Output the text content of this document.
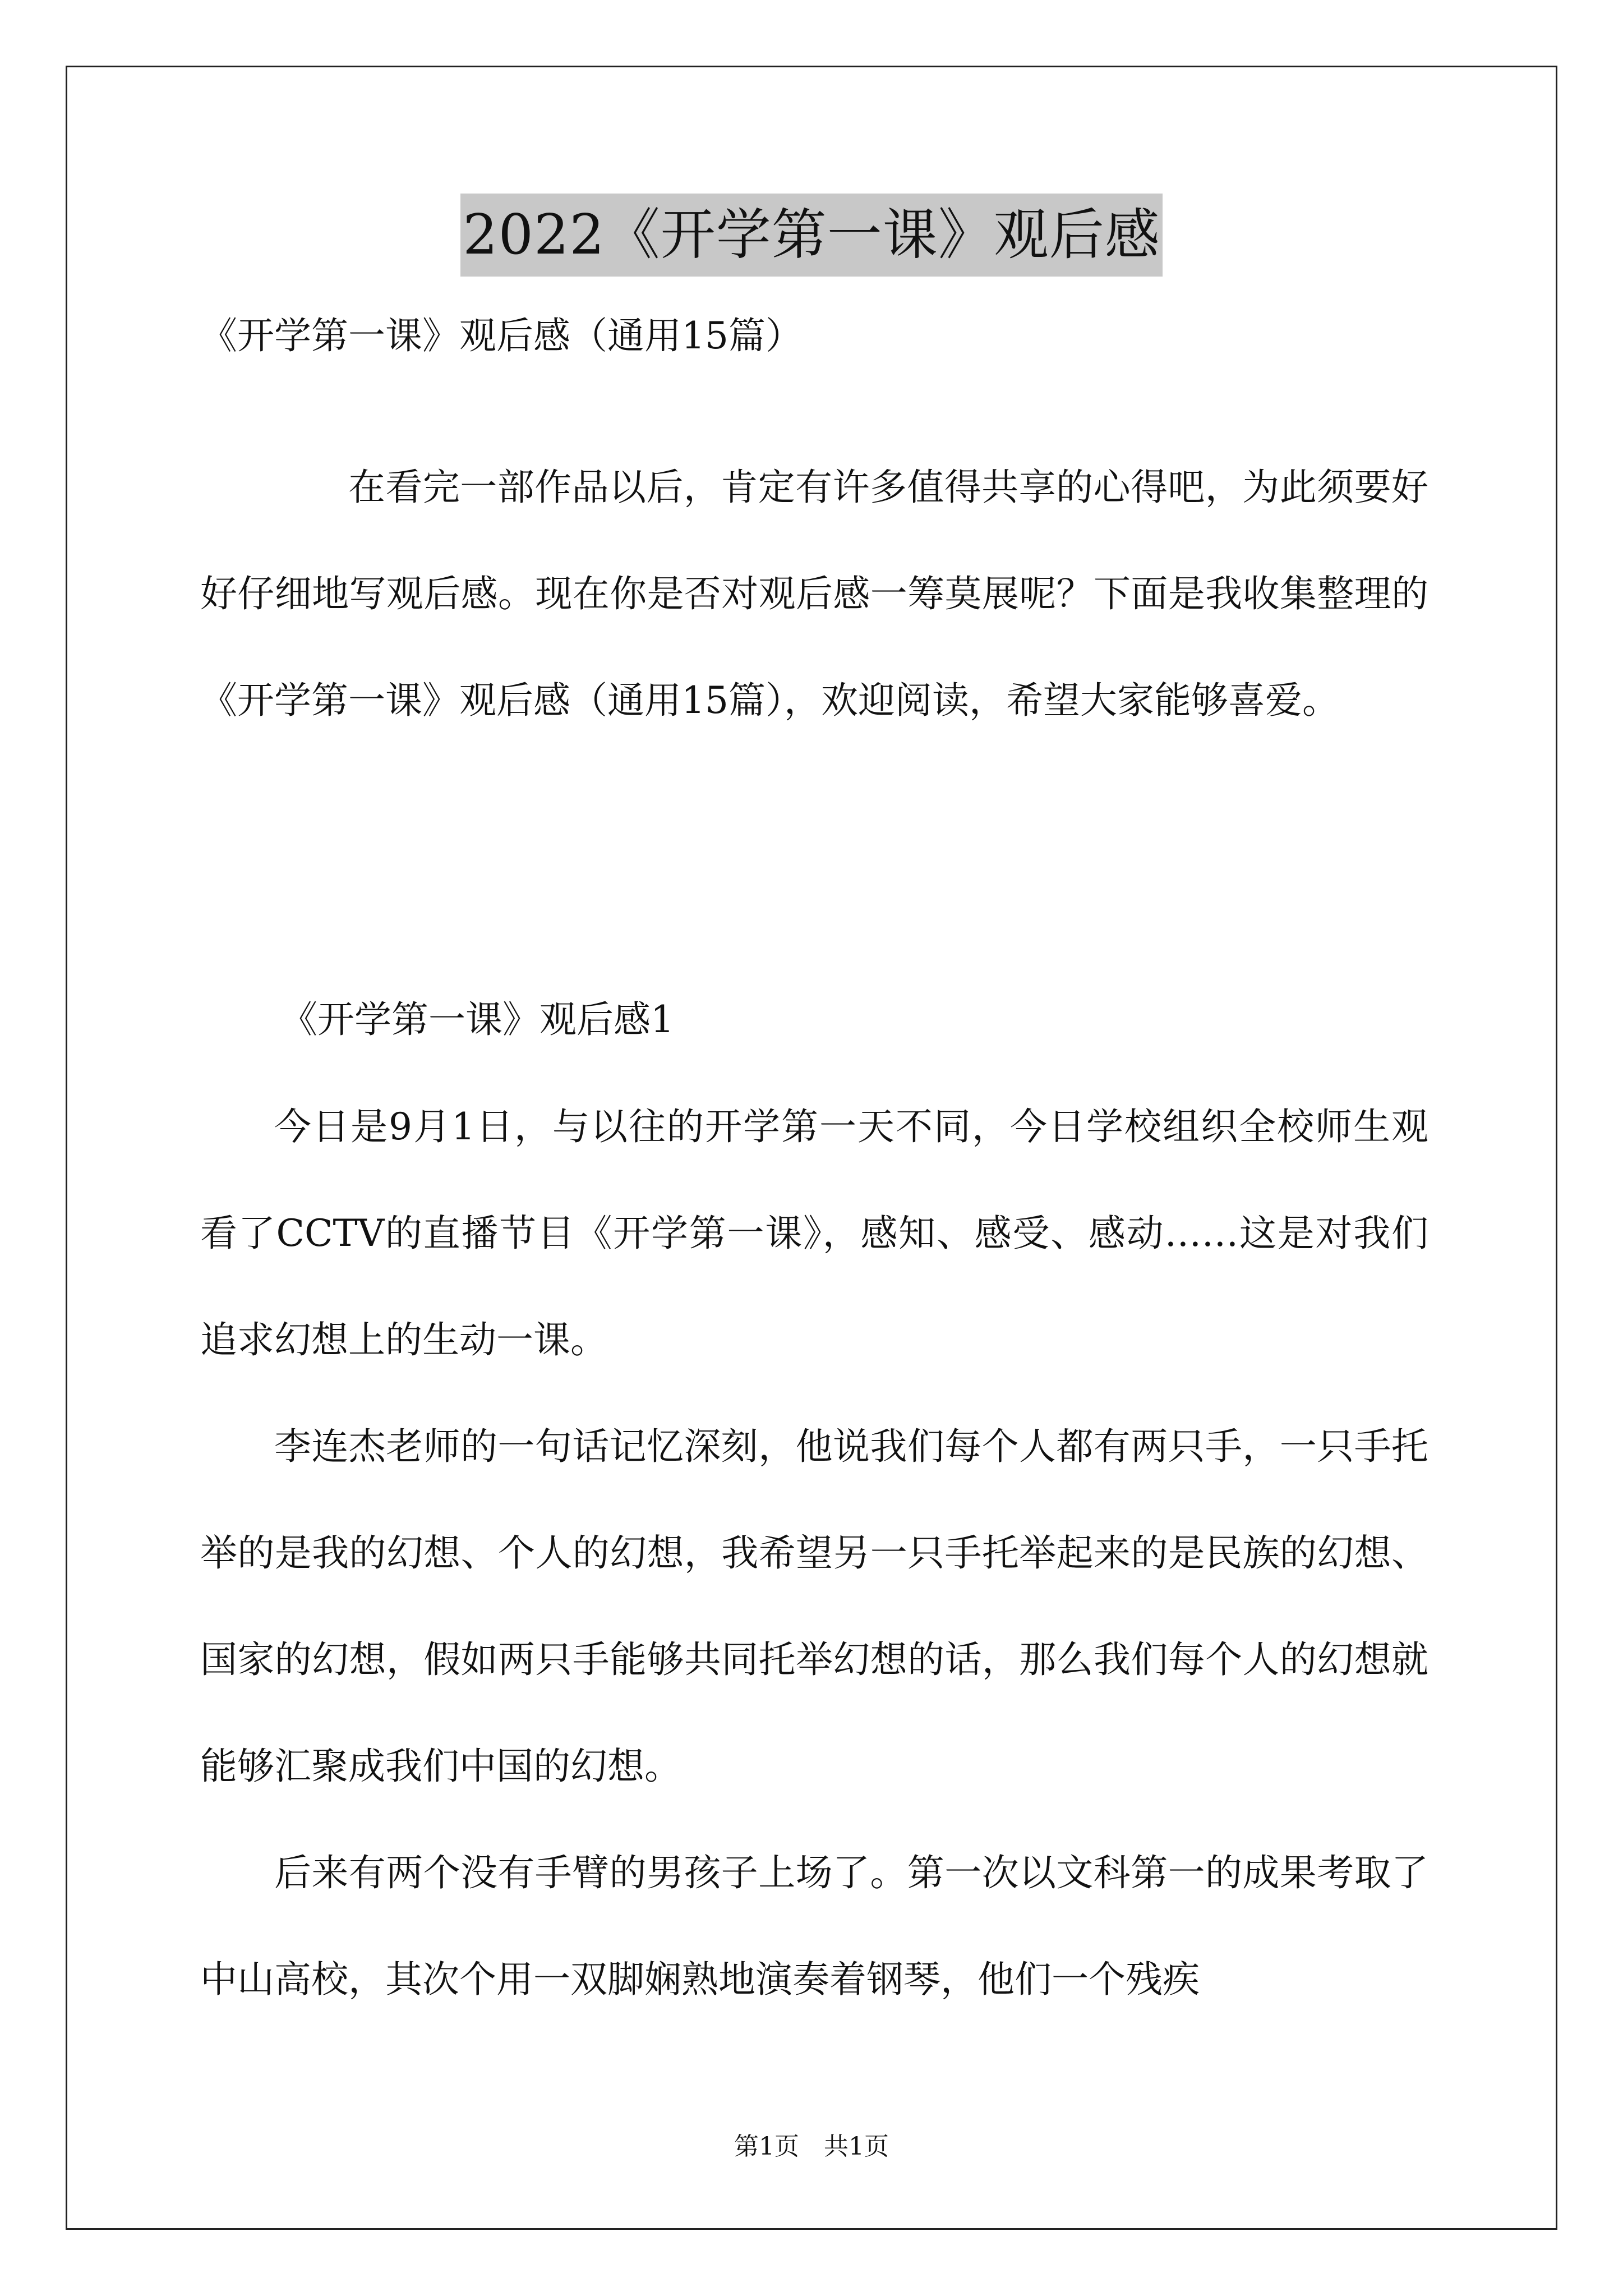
2022《开学第一课》观后感
《开学第一课》观后感（通用15篇）

在看完一部作品以后，肯定有许多值得共享的心得吧，为此须要好好仔细地写观后感。现在你是否对观后感一筹莫展呢？下面是我收集整理的《开学第一课》观后感（通用15篇），欢迎阅读，希望大家能够喜爱。

《开学第一课》观后感1

今日是9月1日，与以往的开学第一天不同，今日学校组织全校师生观看了CCTV的直播节目《开学第一课》，感知、感受、感动……这是对我们追求幻想上的生动一课。

李连杰老师的一句话记忆深刻，他说我们每个人都有两只手，一只手托举的是我的幻想、个人的幻想，我希望另一只手托举起来的是民族的幻想、国家的幻想，假如两只手能够共同托举幻想的话，那么我们每个人的幻想就能够汇聚成我们中国的幻想。

后来有两个没有手臂的男孩子上场了。第一次以文科第一的成果考取了中山高校，其次个用一双脚娴熟地演奏着钢琴，他们一个残疾

第1页　共1页
